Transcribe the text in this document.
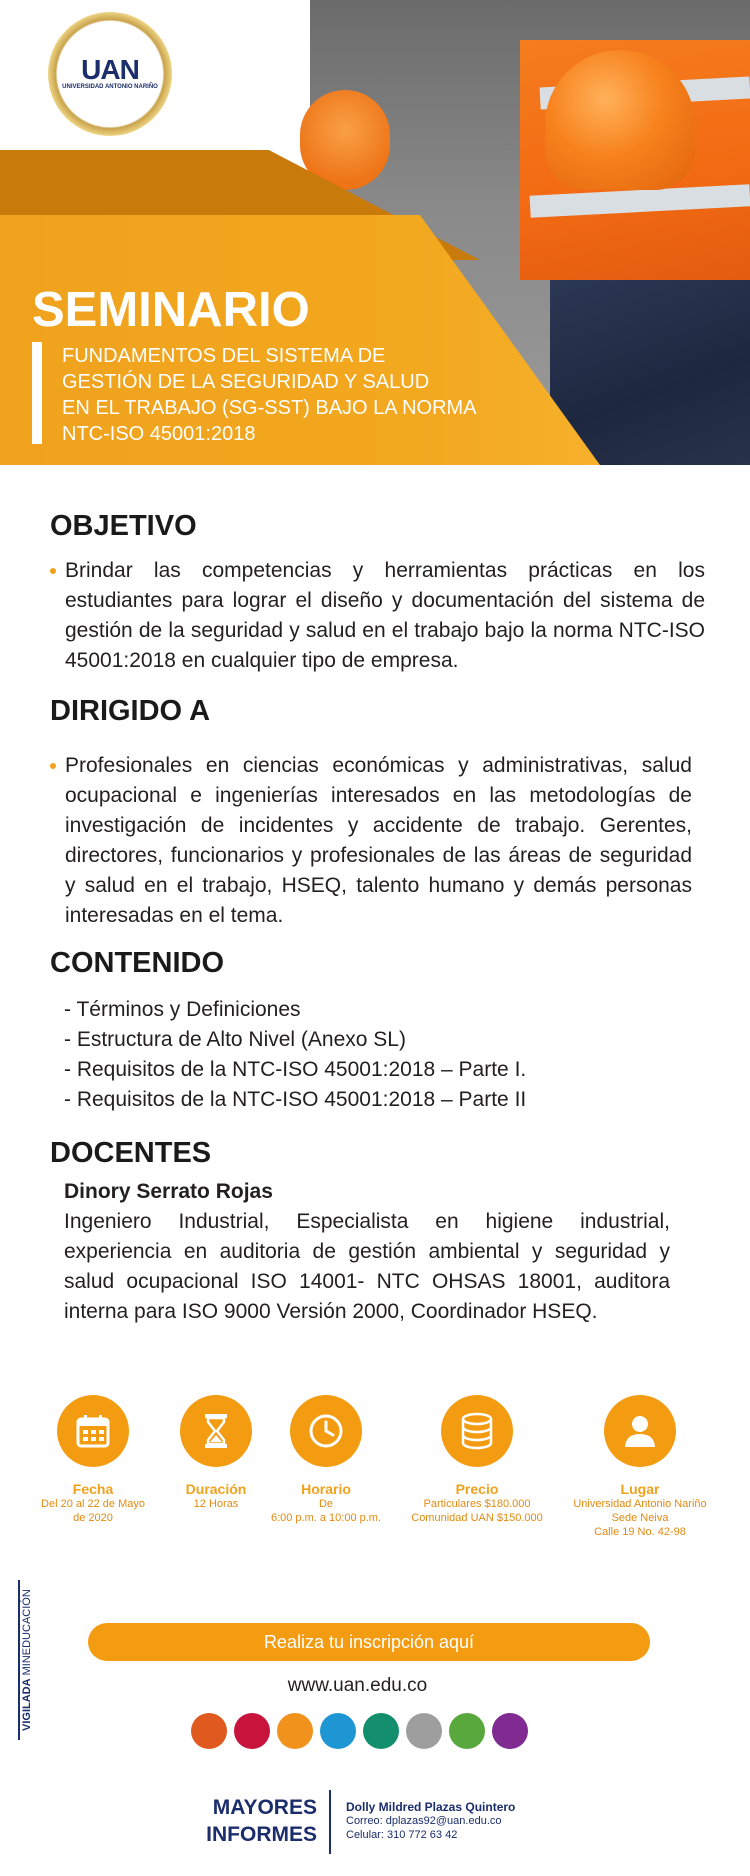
UAN
UNIVERSIDAD ANTONIO NARIÑO
SEMINARIO
FUNDAMENTOS DEL SISTEMA DE
GESTIÓN DE LA SEGURIDAD Y SALUD
EN EL TRABAJO (SG-SST) BAJO LA NORMA
NTC-ISO 45001:2018
OBJETIVO
Brindar las competencias y herramientas prácticas en los estudiantes para lograr el diseño y documentación del sistema de gestión de la seguridad y salud en el trabajo bajo la norma NTC-ISO 45001:2018 en cualquier tipo de empresa.
DIRIGIDO A
Profesionales en ciencias económicas y administrativas, salud ocupacional e ingenierías interesados en las metodologías de investigación de incidentes y accidente de trabajo. Gerentes, directores, funcionarios y profesionales de las áreas de seguridad y salud en el trabajo, HSEQ, talento humano y demás personas interesadas en el tema.
CONTENIDO
- Términos y Definiciones
- Estructura de Alto Nivel (Anexo SL)
- Requisitos de la NTC-ISO 45001:2018 – Parte I.
- Requisitos de la NTC-ISO 45001:2018 – Parte II
DOCENTES
Dinory Serrato Rojas
Ingeniero Industrial, Especialista en higiene industrial, experiencia en auditoria de gestión ambiental y seguridad y salud ocupacional ISO 14001- NTC OHSAS 18001, auditora interna para ISO 9000 Versión 2000, Coordinador HSEQ.
Fecha
Del 20 al 22 de Mayo
de 2020
Duración
12 Horas
Horario
De
6:00 p.m. a 10:00 p.m.
Precio
Particulares $180.000
Comunidad UAN $150.000
Lugar
Universidad Antonio Nariño
Sede Neiva
Calle 19 No. 42-98
VIGILADA MINEDUCACIÓN	Realiza tu inscripción aquí
www.uan.edu.co
MAYORES
INFORMES
Dolly Mildred Plazas Quintero
Correo: dplazas92@uan.edu.co
Celular: 310 772 63 42
